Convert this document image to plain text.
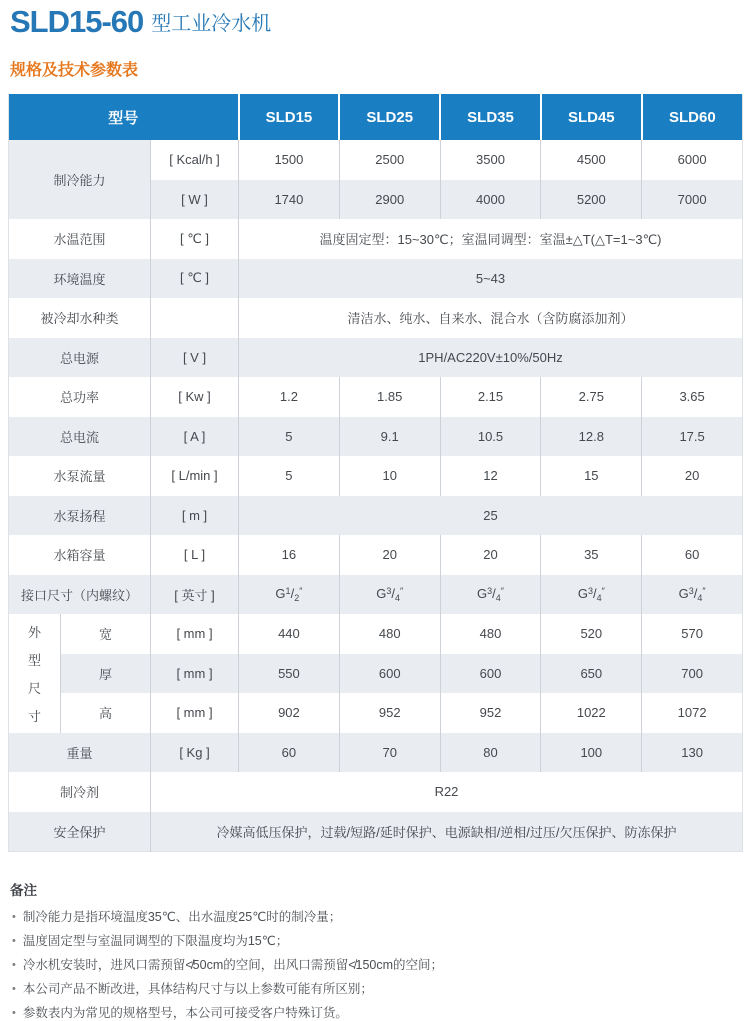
SLD15-60 型工业冷水机
规格及技术参数表
型号			SLD15	SLD25	SLD35	SLD45	SLD60
制冷能力		[ Kcal/h ]	1500	2500	3500	4500	6000
		[ W ]	1740	2900	4000	5200	7000
水温范围		[ ℃ ]	温度固定型：15~30℃；室温同调型：室温±△T(△T=1~3℃)				
环境温度		[ ℃ ]	5~43				
被冷却水种类			清洁水、纯水、自来水、混合水（含防腐添加剂）				
总电源		[ V ]	1PH/AC220V±10%/50Hz				
总功率		[ Kw ]	1.2	1.85	2.15	2.75	3.65
总电流		[ A ]	5	9.1	10.5	12.8	17.5
水泵流量		[ L/min ]	5	10	12	15	20
水泵扬程		[ m ]	25				
水箱容量		[ L ]	16	20	20	35	60
接口尺寸（内螺纹）		[ 英寸 ]	$G^1/_2''$	$G^3/_4''$	$G^3/_4''$	$G^3/_4''$	$G^3/_4''$

外
型
尺
寸	宽	[ mm ]	440	480	480	520	570
	厚	[ mm ]	550	600	600	650	700
	高	[ mm ]	902	952	952	1022	1072
重量		[ Kg ]	60	70	80	100	130
制冷剂		R22					
安全保护		冷媒高低压保护，过载/短路/延时保护、电源缺相/逆相/过压/欠压保护、防冻保护					
备注
• 制冷能力是指环境温度35℃、出水温度25℃时的制冷量；
• 温度固定型与室温同调型的下限温度均为15℃；
• 冷水机安装时，进风口需预留≮50cm的空间，出风口需预留≮150cm的空间；
• 本公司产品不断改进，具体结构尺寸与以上参数可能有所区别；
• 参数表内为常见的规格型号，本公司可接受客户特殊订货。
